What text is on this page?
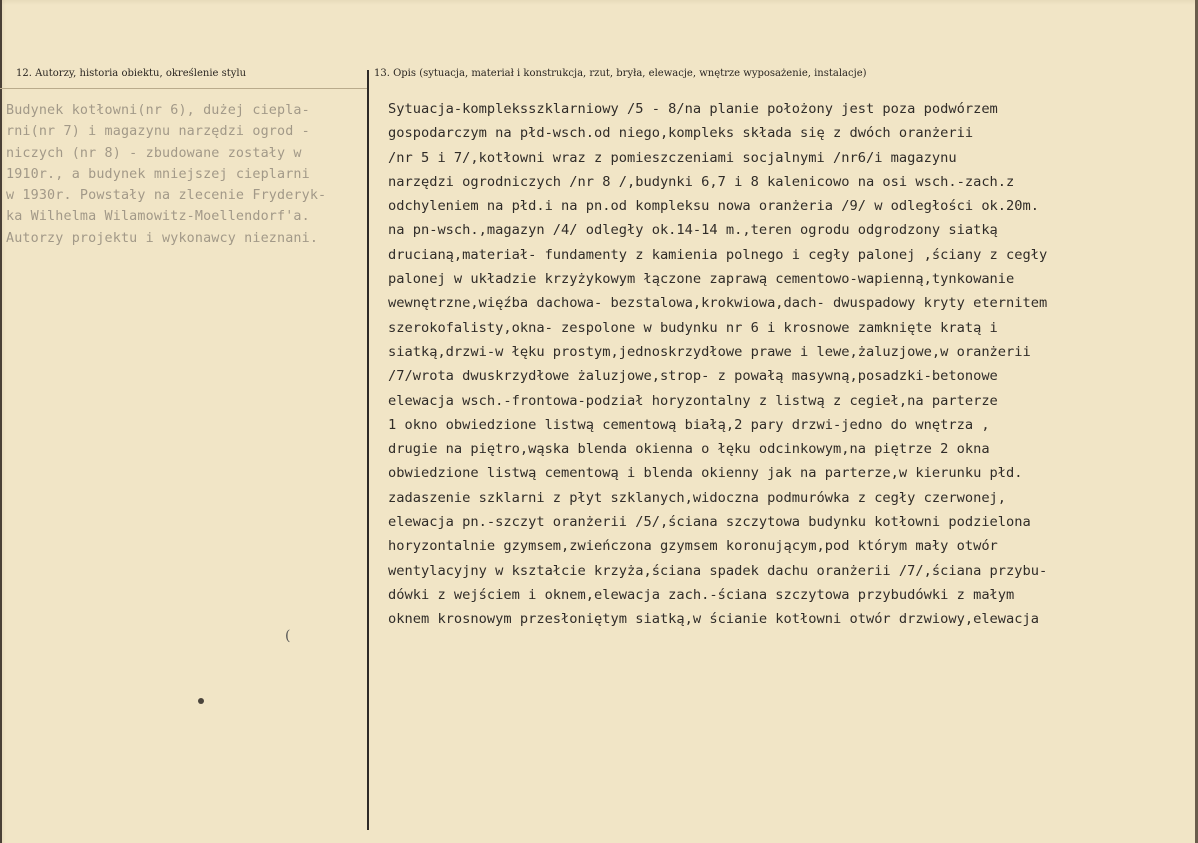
12. Autorzy, historia obiektu, określenie stylu	13. Opis (sytuacja, materiał i konstrukcja, rzut, bryła, elewacje, wnętrze wyposażenie, instalacje)
Budynek kotłowni(nr 6), dużej ciepla-
rni(nr 7) i magazynu narzędzi ogrod -
niczych (nr 8) - zbudowane zostały w
1910r., a budynek mniejszej cieplarni
w 1930r. Powstały na zlecenie Fryderyk-
ka Wilhelma Wilamowitz-Moellendorf'a.
Autorzy projektu i wykonawcy nieznani.
Sytuacja-kompleksszklarniowy /5 - 8/na planie położony jest poza podwórzem
gospodarczym na płd-wsch.od niego,kompleks składa się z dwóch oranżerii
/nr 5 i 7/,kotłowni wraz z pomieszczeniami socjalnymi /nr6/i magazynu
narzędzi ogrodniczych /nr 8 /,budynki 6,7 i 8 kalenicowo na osi wsch.-zach.z
odchyleniem na płd.i na pn.od kompleksu nowa oranżeria /9/ w odległości ok.20m.
na pn-wsch.,magazyn /4/ odległy ok.14-14 m.,teren ogrodu odgrodzony siatką
drucianą,materiał- fundamenty z kamienia polnego i cegły palonej ,ściany z cegły
palonej w układzie krzyżykowym łączone zaprawą cementowo-wapienną,tynkowanie
wewnętrzne,więźba dachowa- bezstalowa,krokwiowa,dach- dwuspadowy kryty eternitem
szerokofalisty,okna- zespolone w budynku nr 6 i krosnowe zamknięte kratą i
siatką,drzwi-w łęku prostym,jednoskrzydłowe prawe i lewe,żaluzjowe,w oranżerii
/7/wrota dwuskrzydłowe żaluzjowe,strop- z powałą masywną,posadzki-betonowe
elewacja wsch.-frontowa-podział horyzontalny z listwą z cegieł,na parterze
1 okno obwiedzione listwą cementową białą,2 pary drzwi-jedno do wnętrza ,
drugie na piętro,wąska blenda okienna o łęku odcinkowym,na piętrze 2 okna
obwiedzione listwą cementową i blenda okienny jak na parterze,w kierunku płd.
zadaszenie szklarni z płyt szklanych,widoczna podmurówka z cegły czerwonej,
elewacja pn.-szczyt oranżerii /5/,ściana szczytowa budynku kotłowni podzielona
horyzontalnie gzymsem,zwieńczona gzymsem koronującym,pod którym mały otwór
wentylacyjny w kształcie krzyża,ściana spadek dachu oranżerii /7/,ściana przybu-
dówki z wejściem i oknem,elewacja zach.-ściana szczytowa przybudówki z małym
oknem krosnowym przesłoniętym siatką,w ścianie kotłowni otwór drzwiowy,elewacja
(
